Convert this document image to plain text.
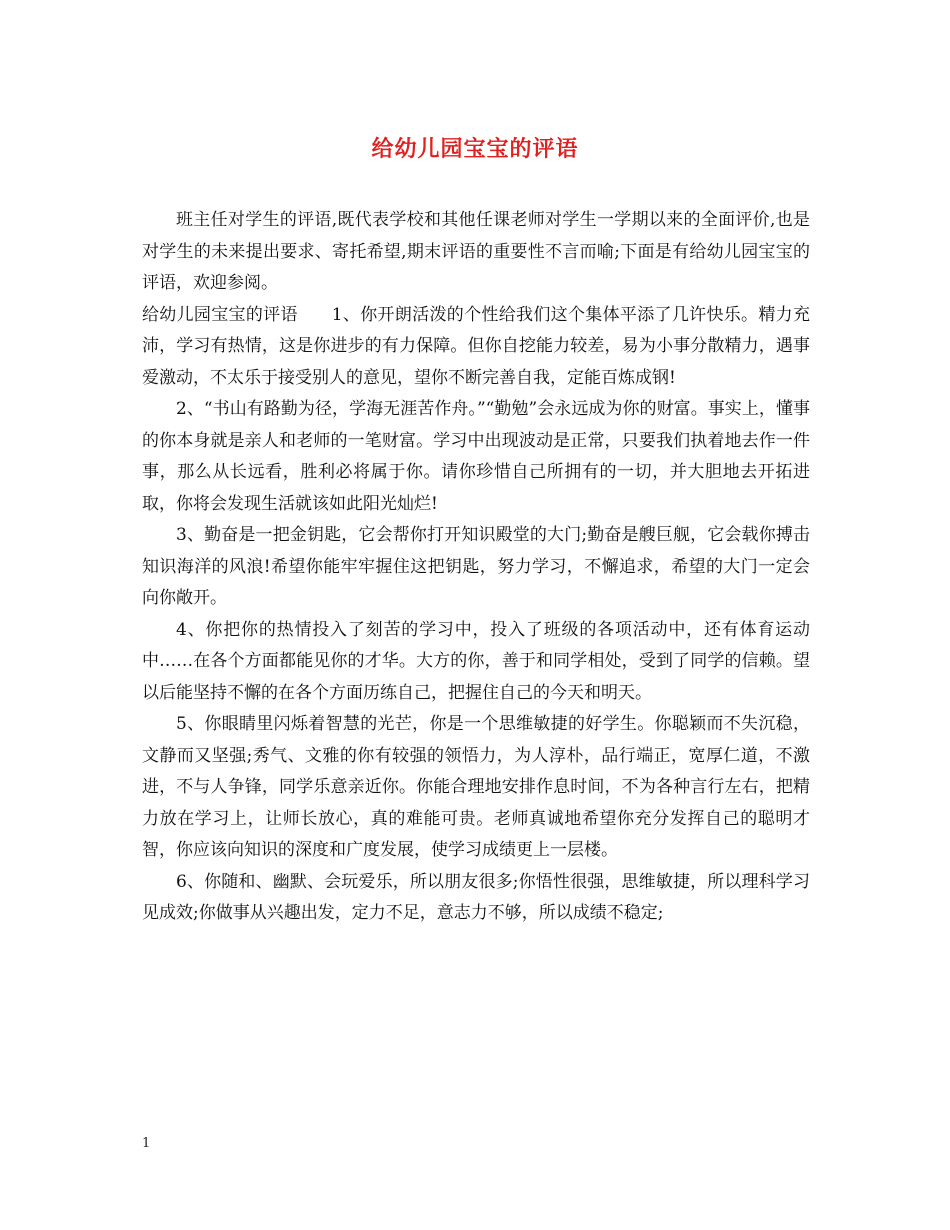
给幼儿园宝宝的评语

班主任对学生的评语,既代表学校和其他任课老师对学生一学期以来的全面评价,也是对学生的未来提出要求、寄托希望,期末评语的重要性不言而喻;下面是有给幼儿园宝宝的评语，欢迎参阅。

给幼儿园宝宝的评语 1、你开朗活泼的个性给我们这个集体平添了几许快乐。精力充沛，学习有热情，这是你进步的有力保障。但你自挖能力较差，易为小事分散精力，遇事爱激动，不太乐于接受别人的意见，望你不断完善自我，定能百炼成钢!

2、“书山有路勤为径，学海无涯苦作舟。”“勤勉”会永远成为你的财富。事实上，懂事的你本身就是亲人和老师的一笔财富。学习中出现波动是正常，只要我们执着地去作一件事，那么从长远看，胜利必将属于你。请你珍惜自己所拥有的一切，并大胆地去开拓进取，你将会发现生活就该如此阳光灿烂!

3、勤奋是一把金钥匙，它会帮你打开知识殿堂的大门;勤奋是艘巨舰，它会载你搏击知识海洋的风浪!希望你能牢牢握住这把钥匙，努力学习，不懈追求，希望的大门一定会向你敞开。

4、你把你的热情投入了刻苦的学习中，投入了班级的各项活动中，还有体育运动中……在各个方面都能见你的才华。大方的你，善于和同学相处，受到了同学的信赖。望以后能坚持不懈的在各个方面历练自己，把握住自己的今天和明天。

5、你眼睛里闪烁着智慧的光芒，你是一个思维敏捷的好学生。你聪颖而不失沉稳，文静而又坚强;秀气、文雅的你有较强的领悟力，为人淳朴，品行端正，宽厚仁道，不激进，不与人争锋，同学乐意亲近你。你能合理地安排作息时间，不为各种言行左右，把精力放在学习上，让师长放心，真的难能可贵。老师真诚地希望你充分发挥自己的聪明才智，你应该向知识的深度和广度发展，使学习成绩更上一层楼。

6、你随和、幽默、会玩爱乐，所以朋友很多;你悟性很强，思维敏捷，所以理科学习见成效;你做事从兴趣出发，定力不足，意志力不够，所以成绩不稳定;

1
